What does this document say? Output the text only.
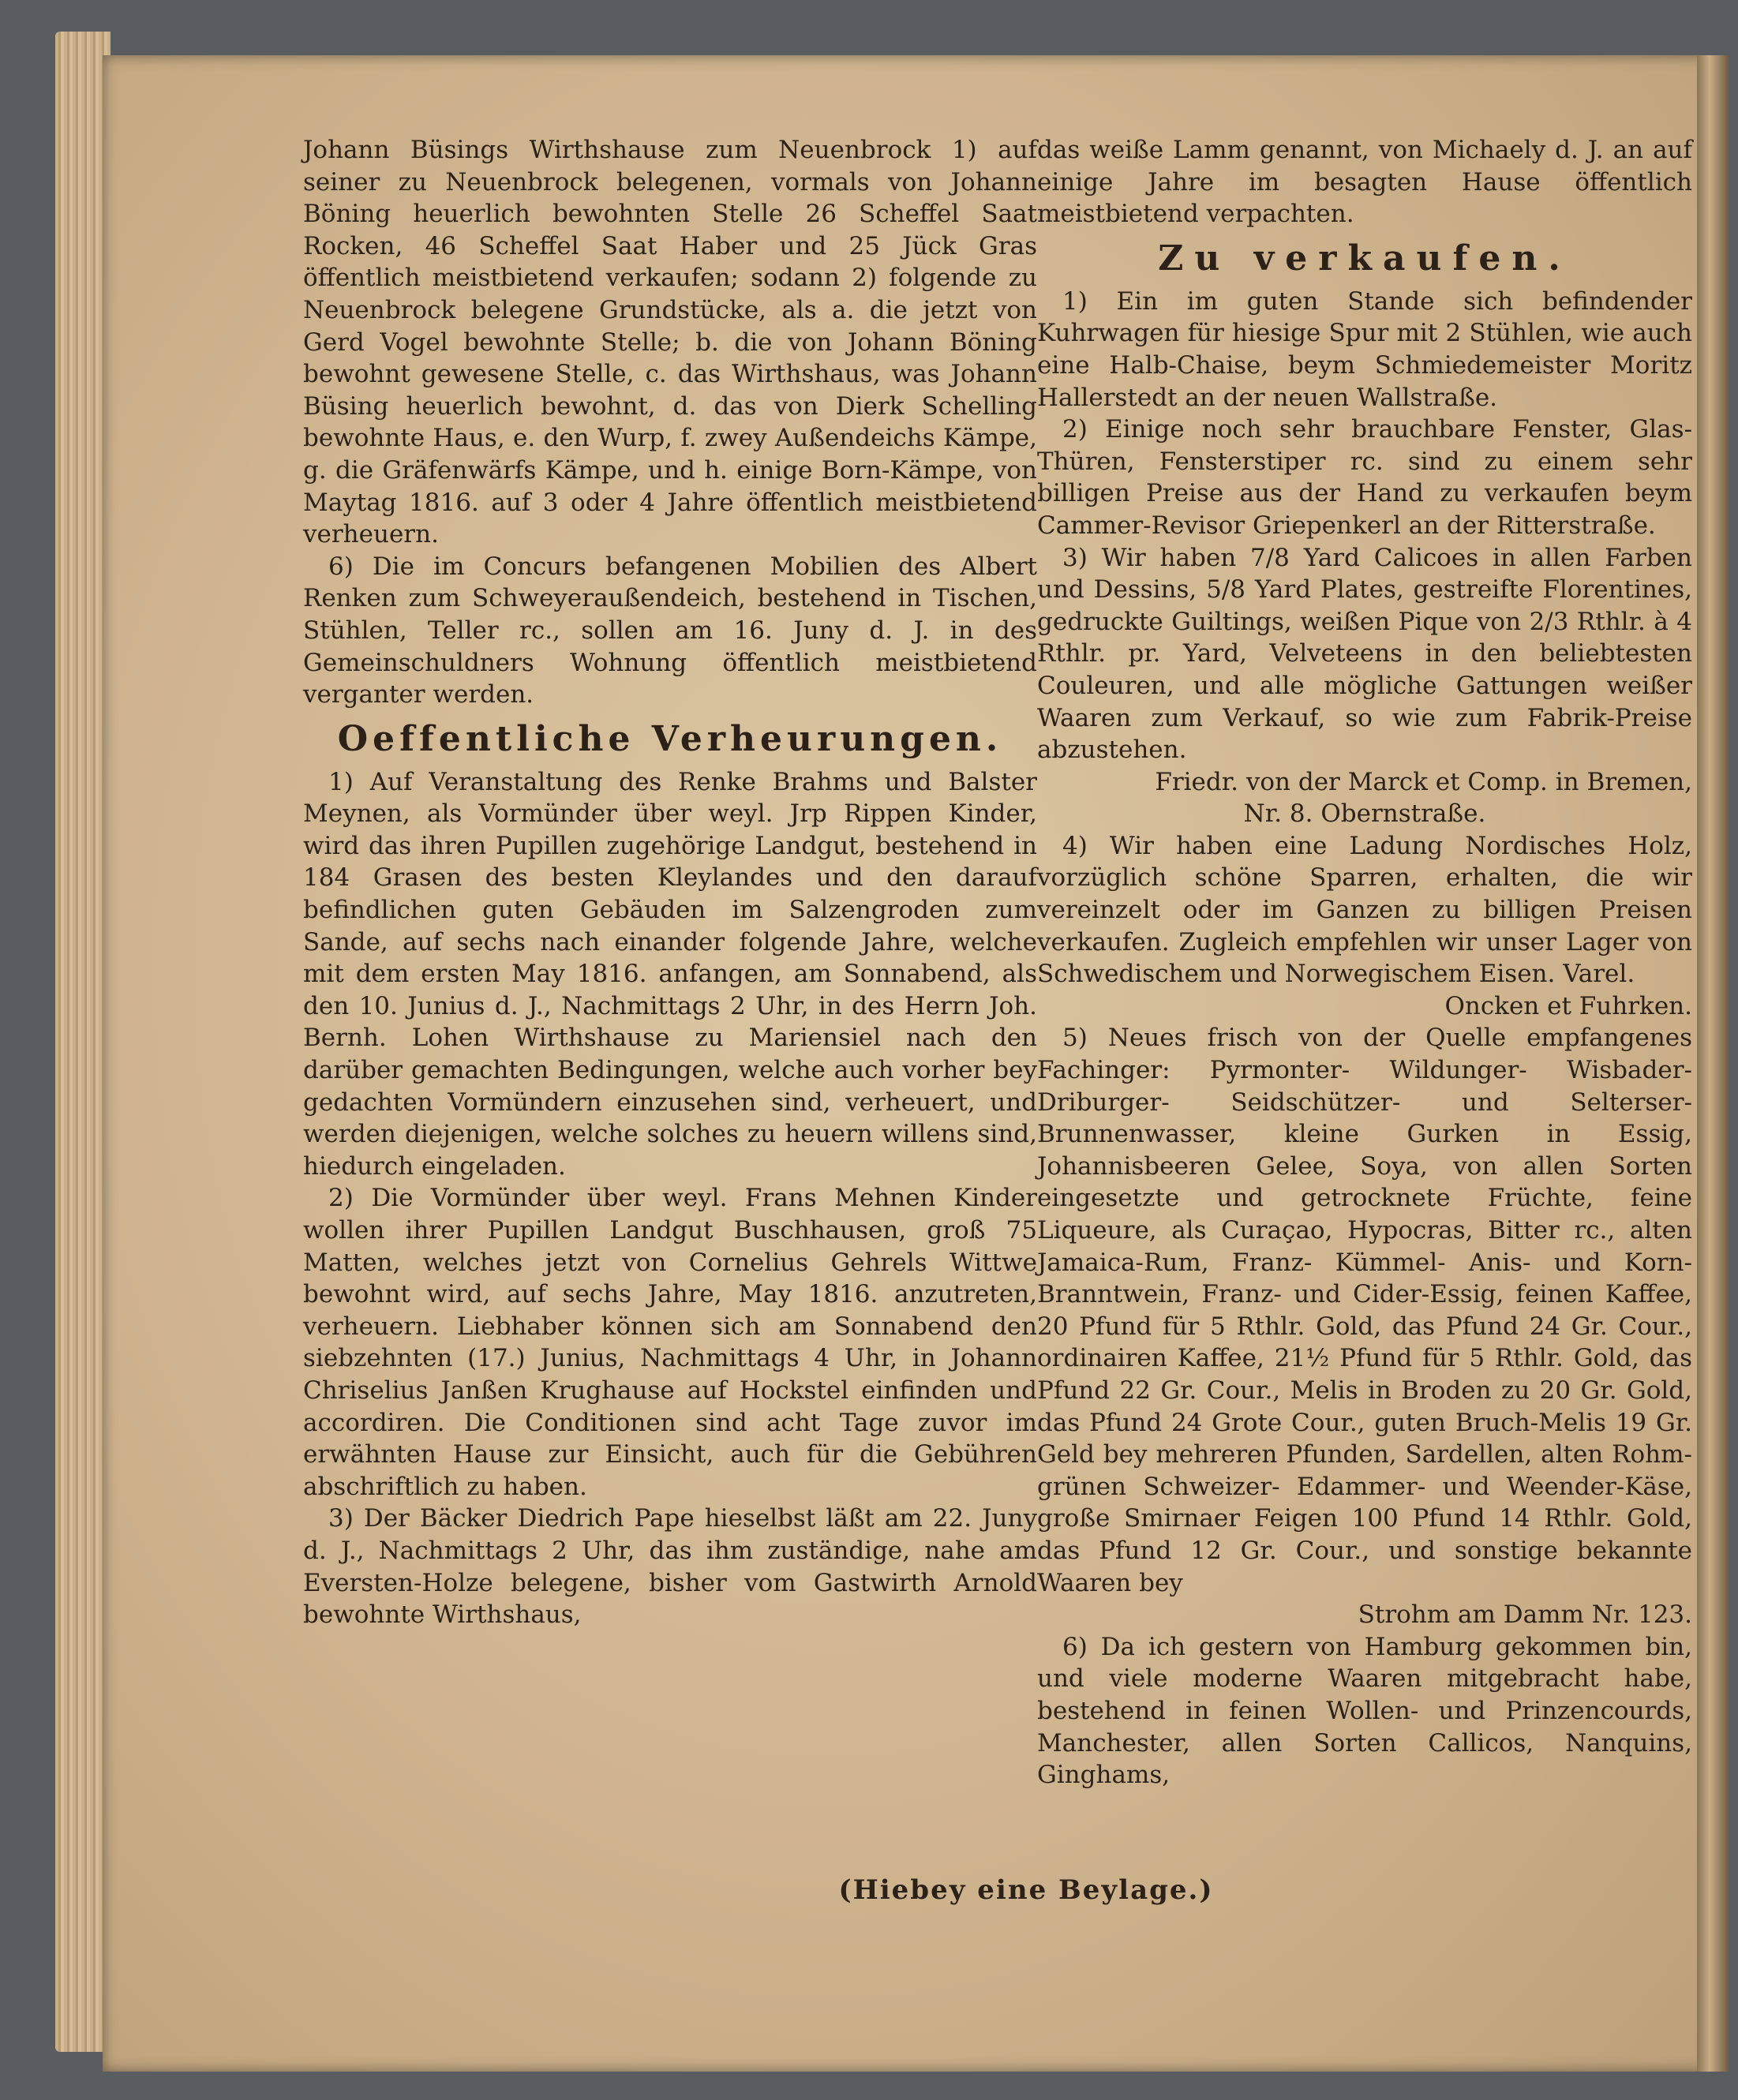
Johann Büsings Wirthshause zum Neuenbrock 1) auf seiner zu Neuenbrock belegenen, vormals von Johann Böning heuerlich bewohnten Stelle 26 Scheffel Saat Rocken, 46 Scheffel Saat Haber und 25 Jück Gras öffentlich meistbietend verkaufen; sodann 2) folgende zu Neuenbrock belegene Grundstücke, als a. die jetzt von Gerd Vogel bewohnte Stelle; b. die von Johann Böning bewohnt gewesene Stelle, c. das Wirthshaus, was Johann Büsing heuerlich bewohnt, d. das von Dierk Schelling bewohnte Haus, e. den Wurp, f. zwey Außendeichs Kämpe, g. die Gräfenwärfs Kämpe, und h. einige Born-Kämpe, von Maytag 1816. auf 3 oder 4 Jahre öffentlich meistbietend verheuern.

6) Die im Concurs befangenen Mobilien des Albert Renken zum Schweyeraußendeich, bestehend in Tischen, Stühlen, Teller rc., sollen am 16. Juny d. J. in des Gemeinschuldners Wohnung öffentlich meistbietend verganter werden.

Oeffentliche Verheurungen.

1) Auf Veranstaltung des Renke Brahms und Balster Meynen, als Vormünder über weyl. Jrp Rippen Kinder, wird das ihren Pupillen zugehörige Landgut, bestehend in 184 Grasen des besten Kleylandes und den darauf befindlichen guten Gebäuden im Salzengroden zum Sande, auf sechs nach einander folgende Jahre, welche mit dem ersten May 1816. anfangen, am Sonnabend, als den 10. Junius d. J., Nachmittags 2 Uhr, in des Herrn Joh. Bernh. Lohen Wirthshause zu Mariensiel nach den darüber gemachten Bedingungen, welche auch vorher bey gedachten Vormündern einzusehen sind, verheuert, und werden diejenigen, welche solches zu heuern willens sind, hiedurch eingeladen.

2) Die Vormünder über weyl. Frans Mehnen Kinder wollen ihrer Pupillen Landgut Buschhausen, groß 75 Matten, welches jetzt von Cornelius Gehrels Wittwe bewohnt wird, auf sechs Jahre, May 1816. anzutreten, verheuern. Liebhaber können sich am Sonnabend den siebzehnten (17.) Junius, Nachmittags 4 Uhr, in Johann Chriselius Janßen Krughause auf Hockstel einfinden und accordiren. Die Conditionen sind acht Tage zuvor im erwähnten Hause zur Einsicht, auch für die Gebühren abschriftlich zu haben.

3) Der Bäcker Diedrich Pape hieselbst läßt am 22. Juny d. J., Nachmittags 2 Uhr, das ihm zuständige, nahe am Eversten-Holze belegene, bisher vom Gastwirth Arnold bewohnte Wirthshaus,

das weiße Lamm genannt, von Michaely d. J. an auf einige Jahre im besagten Hause öffentlich meistbietend verpachten.

Zu verkaufen.

1) Ein im guten Stande sich befindender Kuhrwagen für hiesige Spur mit 2 Stühlen, wie auch eine Halb-Chaise, beym Schmiedemeister Moritz Hallerstedt an der neuen Wallstraße.

2) Einige noch sehr brauchbare Fenster, Glas-Thüren, Fensterstiper rc. sind zu einem sehr billigen Preise aus der Hand zu verkaufen beym Cammer-Revisor Griepenkerl an der Ritterstraße.

3) Wir haben 7/8 Yard Calicoes in allen Farben und Dessins, 5/8 Yard Plates, gestreifte Florentines, gedruckte Guiltings, weißen Pique von 2/3 Rthlr. à 4 Rthlr. pr. Yard, Velveteens in den beliebtesten Couleuren, und alle mögliche Gattungen weißer Waaren zum Verkauf, so wie zum Fabrik-Preise abzustehen.

Friedr. von der Marck et Comp. in Bremen,

Nr. 8. Obernstraße.

4) Wir haben eine Ladung Nordisches Holz, vorzüglich schöne Sparren, erhalten, die wir vereinzelt oder im Ganzen zu billigen Preisen verkaufen. Zugleich empfehlen wir unser Lager von Schwedischem und Norwegischem Eisen. Varel.

Oncken et Fuhrken.

5) Neues frisch von der Quelle empfangenes Fachinger: Pyrmonter- Wildunger- Wisbader- Driburger- Seidschützer- und Selterser-Brunnenwasser, kleine Gurken in Essig, Johannisbeeren Gelee, Soya, von allen Sorten eingesetzte und getrocknete Früchte, feine Liqueure, als Curaçao, Hypocras, Bitter rc., alten Jamaica-Rum, Franz- Kümmel- Anis- und Korn-Branntwein, Franz- und Cider-Essig, feinen Kaffee, 20 Pfund für 5 Rthlr. Gold, das Pfund 24 Gr. Cour., ordinairen Kaffee, 21½ Pfund für 5 Rthlr. Gold, das Pfund 22 Gr. Cour., Melis in Broden zu 20 Gr. Gold, das Pfund 24 Grote Cour., guten Bruch-Melis 19 Gr. Geld bey mehreren Pfunden, Sardellen, alten Rohm- grünen Schweizer- Edammer- und Weender-Käse, große Smirnaer Feigen 100 Pfund 14 Rthlr. Gold, das Pfund 12 Gr. Cour., und sonstige bekannte Waaren bey

Strohm am Damm Nr. 123.

6) Da ich gestern von Hamburg gekommen bin, und viele moderne Waaren mitgebracht habe, bestehend in feinen Wollen- und Prinzencourds, Manchester, allen Sorten Callicos, Nanquins, Ginghams,

(Hiebey eine Beylage.)
